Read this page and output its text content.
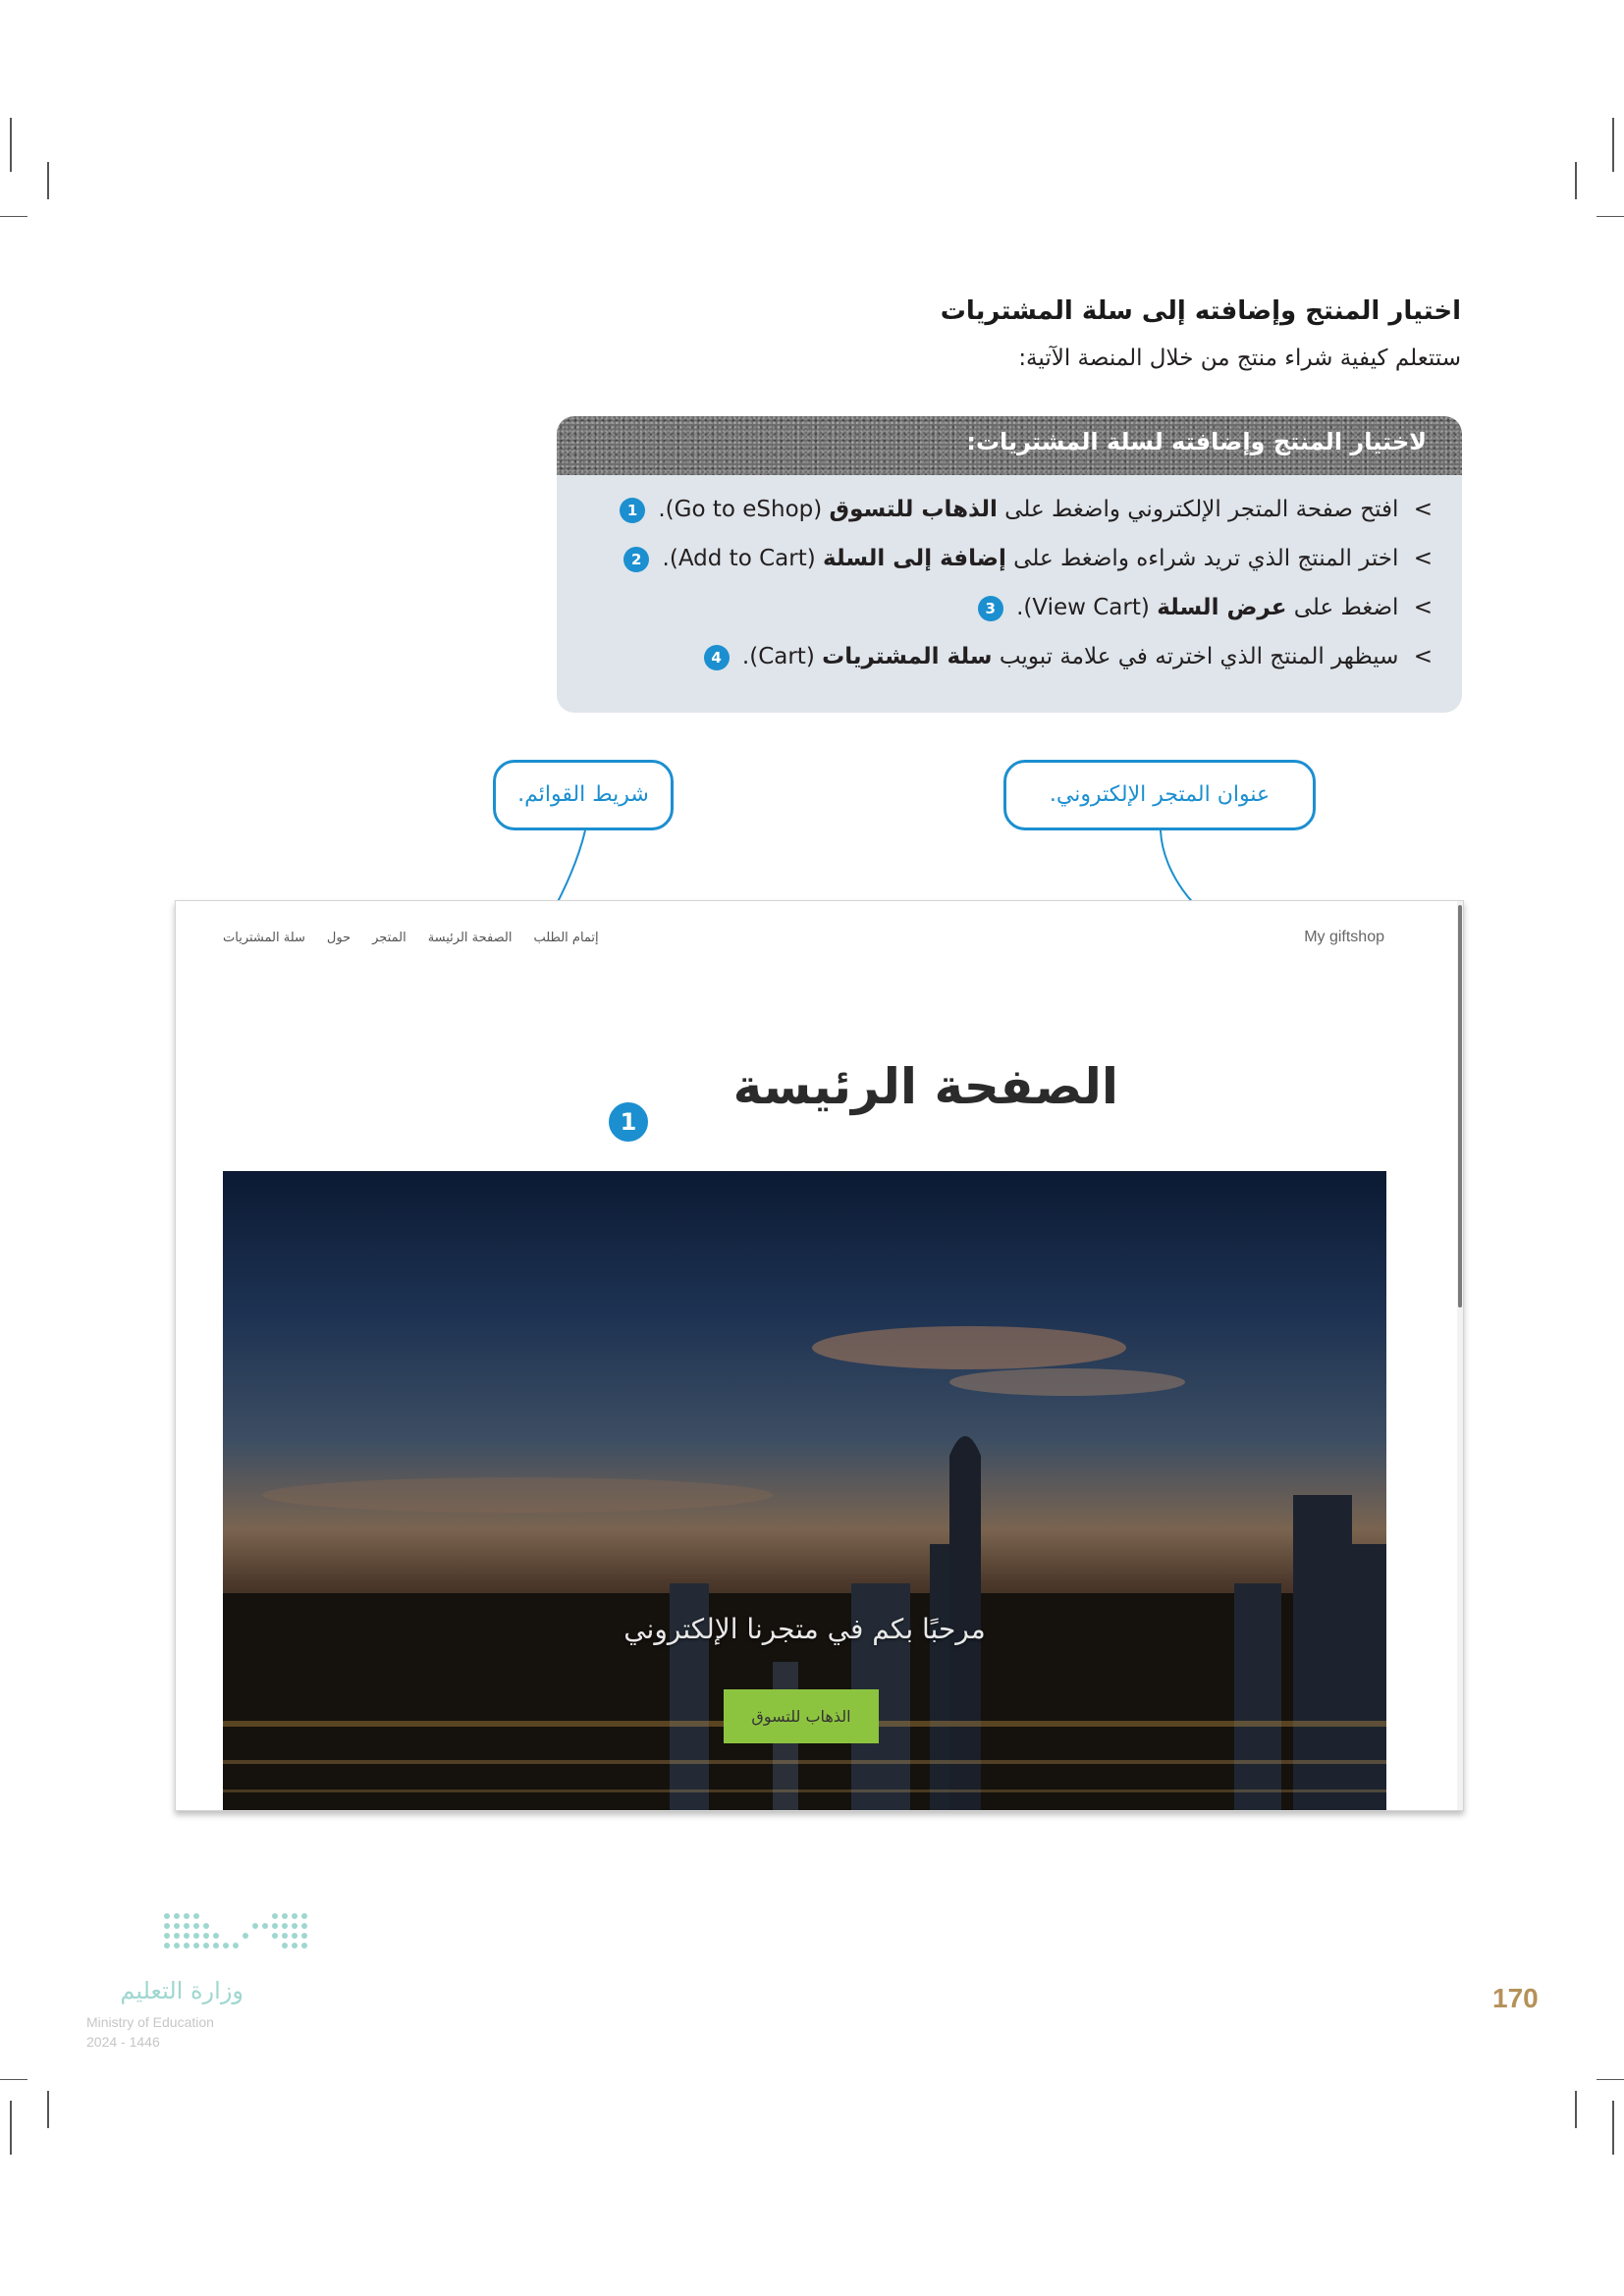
اختيار المنتج وإضافته إلى سلة المشتريات

ستتعلم كيفية شراء منتج من خلال المنصة الآتية:

لاختيار المنتج وإضافته لسلة المشتريات:
> افتح صفحة المتجر الإلكتروني واضغط على الذهاب للتسوق (Go to eShop). 1
> اختر المنتج الذي تريد شراءه واضغط على إضافة إلى السلة (Add to Cart). 2
> اضغط على عرض السلة (View Cart). 3
> سيظهر المنتج الذي اخترته في علامة تبويب سلة المشتريات (Cart). 4
شريط القوائم.	عنوان المتجر الإلكتروني.
My giftshop
إتمام الطلب
الصفحة الرئيسة
المتجر
حول
سلة المشتريات
الصفحة الرئيسة
مرحبًا بكم في متجرنا الإلكتروني
الذهاب للتسوق
1
وزارة التعليم
Ministry of Education
2024 - 1446
170
